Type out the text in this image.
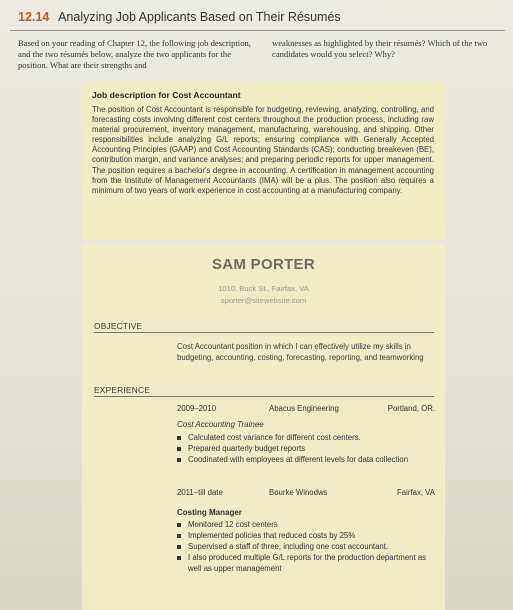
12.14 Analyzing Job Applicants Based on Their Résumés
Based on your reading of Chapter 12, the following job description, and the two résumés below, analyze the two applicants for the position. What are their strengths and
weaknesses as highlighted by their résumés? Which of the two candidates would you select? Why?
Job description for Cost Accountant

The position of Cost Accountant is responsible for budgeting, reviewing, analyzing, controlling, and forecasting costs involving different cost centers throughout the production process, including raw material procurement, inventory management, manufacturing, warehousing, and shipping. Other responsibilities include analyzing G/L reports; ensuring compliance with Generally Accepted Accounting Principles (GAAP) and Cost Accounting Standards (CAS); conducting breakeven (BE), contribution margin, and variance analyses; and preparing periodic reports for upper management. The position requires a bachelor's degree in accounting. A certification in management accounting from the Institute of Management Accountants (IMA) will be a plus. The position also requires a minimum of two years of work experience in cost accounting at a manufacturing company.

SAM PORTER
1010, Buck St., Fairfax, VA
sporter@sitewebsite.com
OBJECTIVE
Cost Accountant position in which I can effectively utilize my skills in budgeting, accounting, costing, forecasting, reporting, and teamworking
EXPERIENCE
2009–2010	Abacus Engineering	Portland, OR.
Cost Accounting Trainee
Calculated cost variance for different cost centers.
Prepared quarterly budget reports
Coodinated with employees at different levels for data collection
2011–till date	Bourke Winodws	Fairfax, VA
Costing Manager
Monitored 12 cost centers
Implemented policies that reduced costs by 25%
Supervised a staff of three, including one cost accountant.
I also produced multiple G/L reports for the production department as well as upper management
